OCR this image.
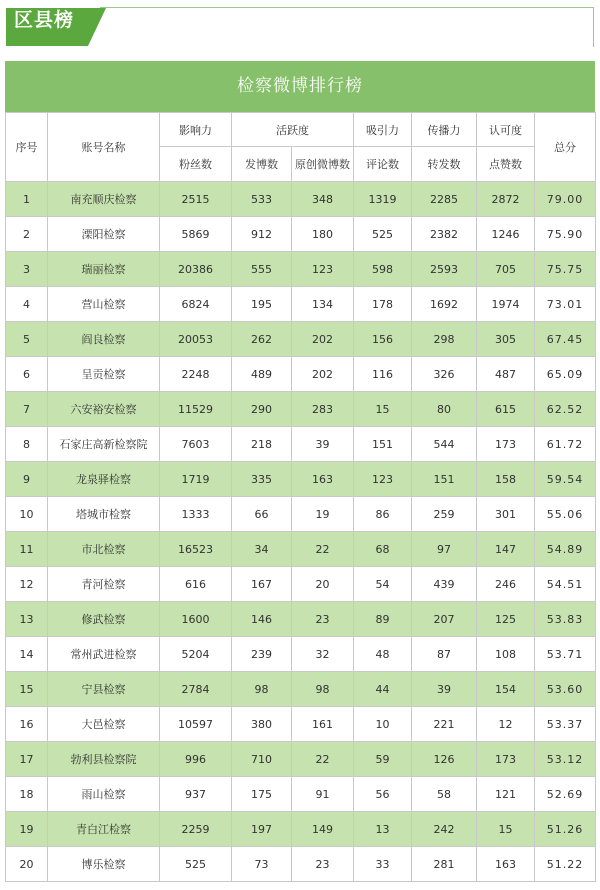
区县榜
检察微博排行榜
序号	账号名称	影响力	活跃度		吸引力	传播力	认可度	总分
		粉丝数	发博数	原创微博数	评论数	转发数	点赞数	
1	南充顺庆检察	2515	533	348	1319	2285	2872	79.00
2	溧阳检察	5869	912	180	525	2382	1246	75.90
3	瑞丽检察	20386	555	123	598	2593	705	75.75
4	营山检察	6824	195	134	178	1692	1974	73.01
5	阎良检察	20053	262	202	156	298	305	67.45
6	呈贡检察	2248	489	202	116	326	487	65.09
7	六安裕安检察	11529	290	283	15	80	615	62.52
8	石家庄高新检察院	7603	218	39	151	544	173	61.72
9	龙泉驿检察	1719	335	163	123	151	158	59.54
10	塔城市检察	1333	66	19	86	259	301	55.06
11	市北检察	16523	34	22	68	97	147	54.89
12	青河检察	616	167	20	54	439	246	54.51
13	修武检察	1600	146	23	89	207	125	53.83
14	常州武进检察	5204	239	32	48	87	108	53.71
15	宁县检察	2784	98	98	44	39	154	53.60
16	大邑检察	10597	380	161	10	221	12	53.37
17	勃利县检察院	996	710	22	59	126	173	53.12
18	雨山检察	937	175	91	56	58	121	52.69
19	青白江检察	2259	197	149	13	242	15	51.26
20	博乐检察	525	73	23	33	281	163	51.22
